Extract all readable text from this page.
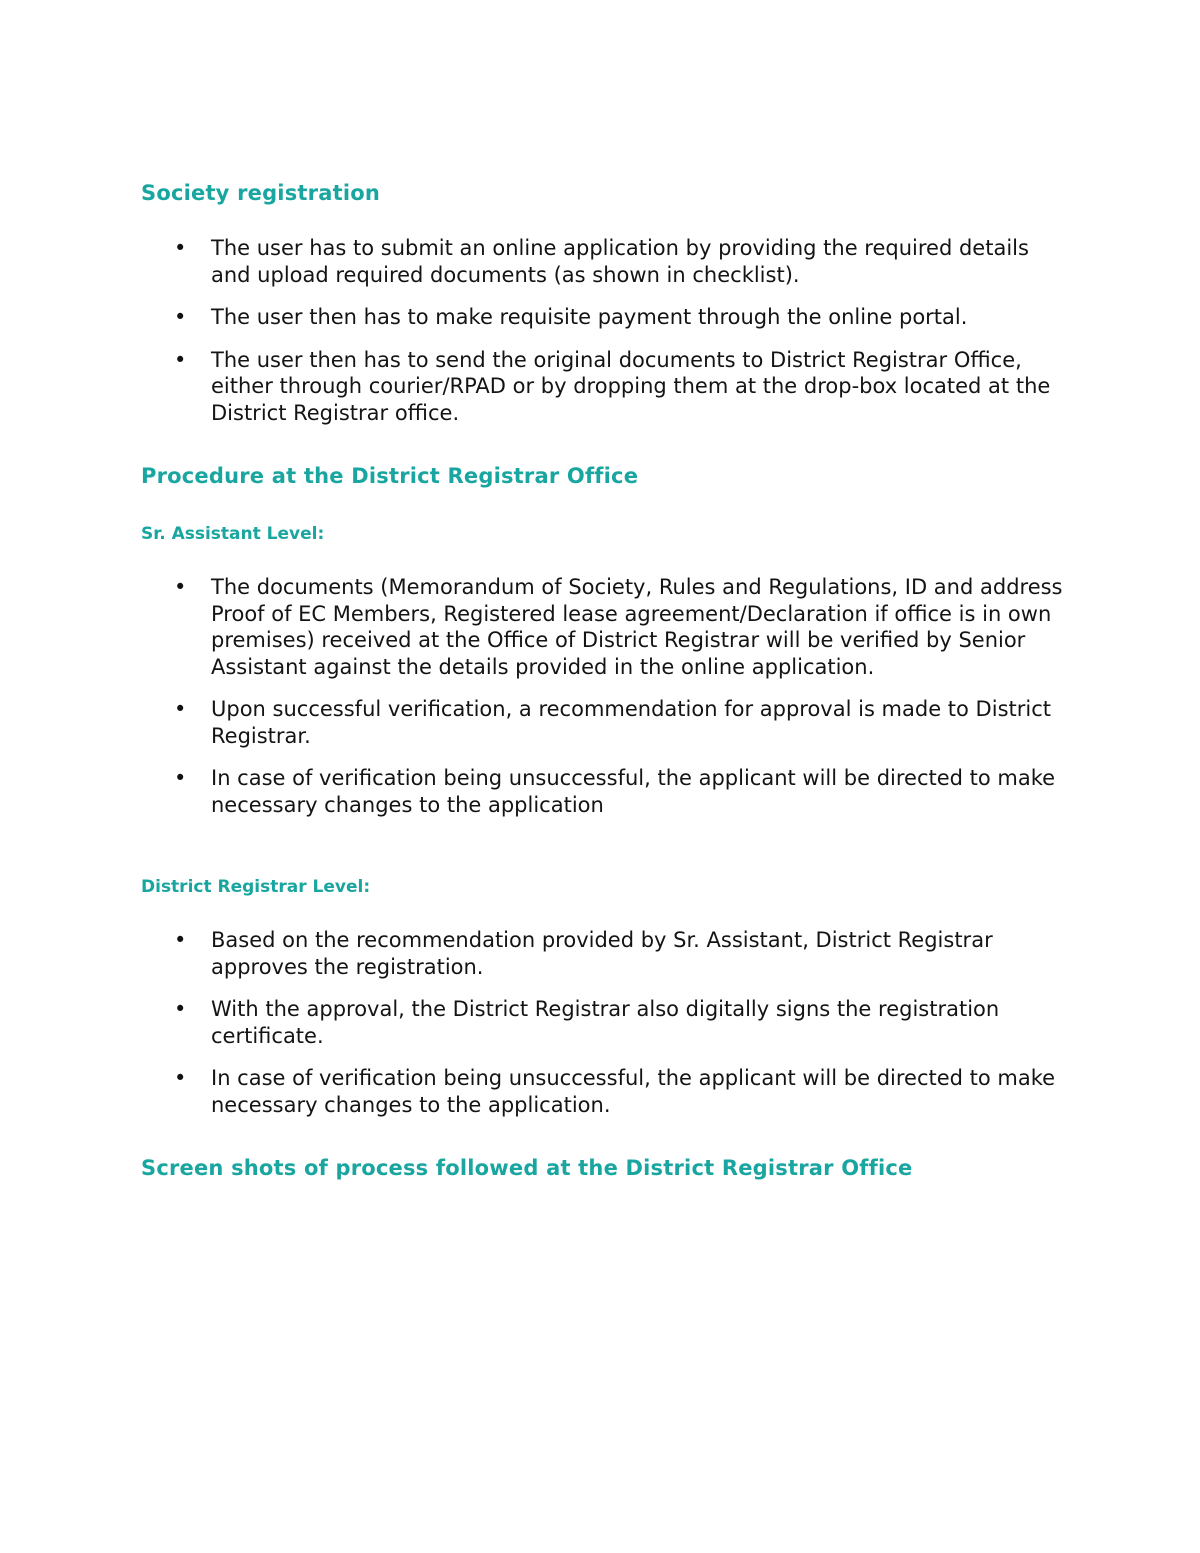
Society registration
• The user has to submit an online application by providing the required details and upload required documents (as shown in checklist).
• The user then has to make requisite payment through the online portal.
• The user then has to send the original documents to District Registrar Office, either through courier/RPAD or by dropping them at the drop-box located at the District Registrar office.
Procedure at the District Registrar Office
Sr. Assistant Level:
• The documents (Memorandum of Society, Rules and Regulations, ID and address Proof of EC Members, Registered lease agreement/Declaration if office is in own premises) received at the Office of District Registrar will be verified by Senior Assistant against the details provided in the online application.
• Upon successful verification, a recommendation for approval is made to District Registrar.
• In case of verification being unsuccessful, the applicant will be directed to make necessary changes to the application
District Registrar Level:
• Based on the recommendation provided by Sr. Assistant, District Registrar approves the registration.
• With the approval, the District Registrar also digitally signs the registration certificate.
• In case of verification being unsuccessful, the applicant will be directed to make necessary changes to the application.
Screen shots of process followed at the District Registrar Office
